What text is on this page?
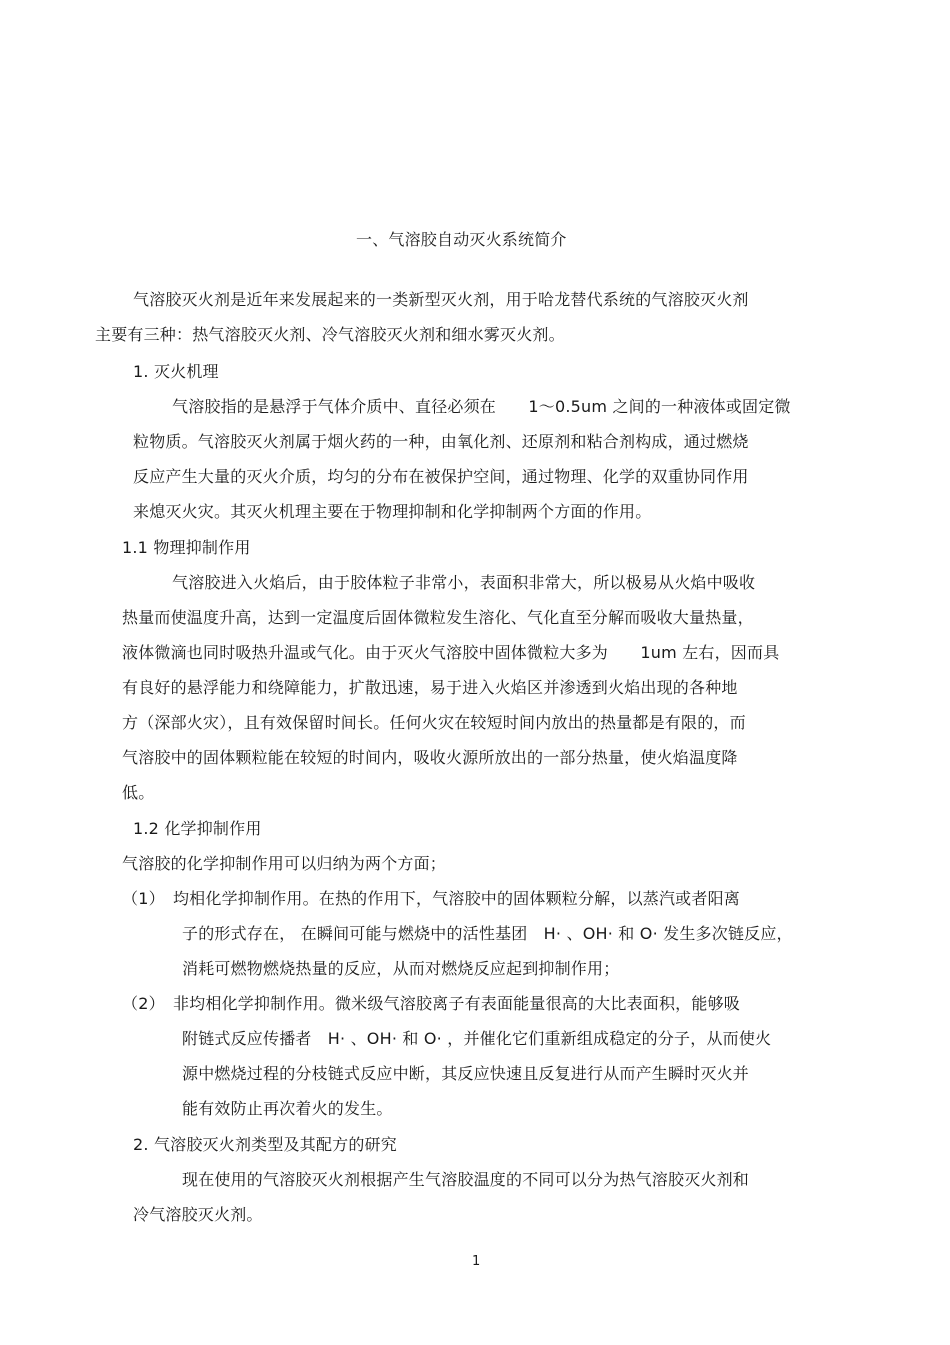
一、气溶胶自动灭火系统简介
气溶胶灭火剂是近年来发展起来的一类新型灭火剂，用于哈龙替代系统的气溶胶灭火剂
主要有三种：热气溶胶灭火剂、冷气溶胶灭火剂和细水雾灭火剂。
1. 灭火机理
气溶胶指的是悬浮于气体介质中、直径必须在　　1～0.5um 之间的一种液体或固定微
粒物质。气溶胶灭火剂属于烟火药的一种，由氧化剂、还原剂和粘合剂构成，通过燃烧
反应产生大量的灭火介质，均匀的分布在被保护空间，通过物理、化学的双重协同作用
来熄灭火灾。其灭火机理主要在于物理抑制和化学抑制两个方面的作用。
1.1 物理抑制作用
气溶胶进入火焰后，由于胶体粒子非常小，表面积非常大，所以极易从火焰中吸收
热量而使温度升高，达到一定温度后固体微粒发生溶化、气化直至分解而吸收大量热量，
液体微滴也同时吸热升温或气化。由于灭火气溶胶中固体微粒大多为　　1um 左右，因而具
有良好的悬浮能力和绕障能力，扩散迅速，易于进入火焰区并渗透到火焰出现的各种地
方（深部火灾），且有效保留时间长。任何火灾在较短时间内放出的热量都是有限的，而
气溶胶中的固体颗粒能在较短的时间内，吸收火源所放出的一部分热量，使火焰温度降
低。
1.2 化学抑制作用
气溶胶的化学抑制作用可以归纳为两个方面；
（1）　均相化学抑制作用。在热的作用下，气溶胶中的固体颗粒分解，以蒸汽或者阳离
子的形式存在， 在瞬间可能与燃烧中的活性基团　H· 、OH· 和 O· 发生多次链反应，
消耗可燃物燃烧热量的反应，从而对燃烧反应起到抑制作用；
（2）　非均相化学抑制作用。微米级气溶胶离子有表面能量很高的大比表面积，能够吸
附链式反应传播者　H· 、OH· 和 O· ，并催化它们重新组成稳定的分子，从而使火
源中燃烧过程的分枝链式反应中断，其反应快速且反复进行从而产生瞬时灭火并
能有效防止再次着火的发生。
2. 气溶胶灭火剂类型及其配方的研究
现在使用的气溶胶灭火剂根据产生气溶胶温度的不同可以分为热气溶胶灭火剂和
冷气溶胶灭火剂。
1
